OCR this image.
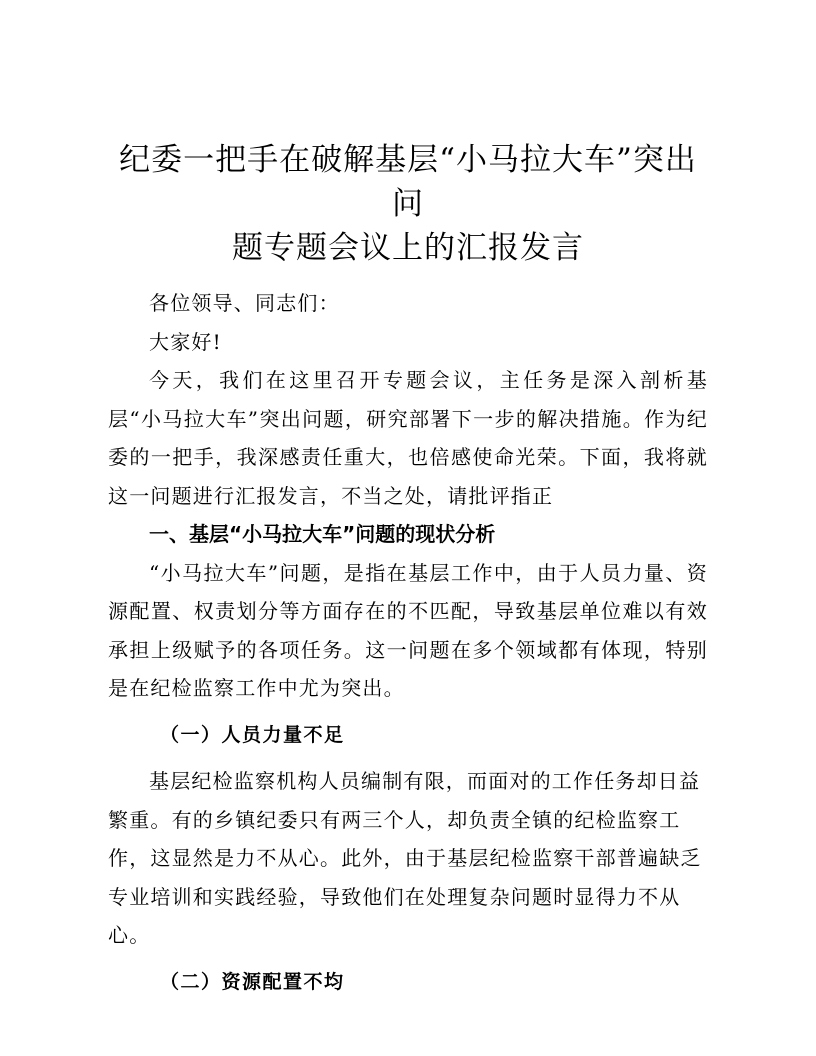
纪委一把手在破解基层“小马拉大车”突出问
题专题会议上的汇报发言

各位领导、同志们：

大家好!

今天，我们在这里召开专题会议，主任务是深入剖析基层“小马拉大车”突出问题，研究部署下一步的解决措施。作为纪委的一把手，我深感责任重大，也倍感使命光荣。下面，我将就这一问题进行汇报发言，不当之处，请批评指正

一、基层“小马拉大车”问题的现状分析

“小马拉大车”问题，是指在基层工作中，由于人员力量、资源配置、权责划分等方面存在的不匹配，导致基层单位难以有效承担上级赋予的各项任务。这一问题在多个领域都有体现，特别是在纪检监察工作中尤为突出。

（一）人员力量不足

基层纪检监察机构人员编制有限，而面对的工作任务却日益

繁重。有的乡镇纪委只有两三个人，却负责全镇的纪检监察工

作，这显然是力不从心。此外，由于基层纪检监察干部普遍缺乏

专业培训和实践经验，导致他们在处理复杂问题时显得力不从

心。

（二）资源配置不均
